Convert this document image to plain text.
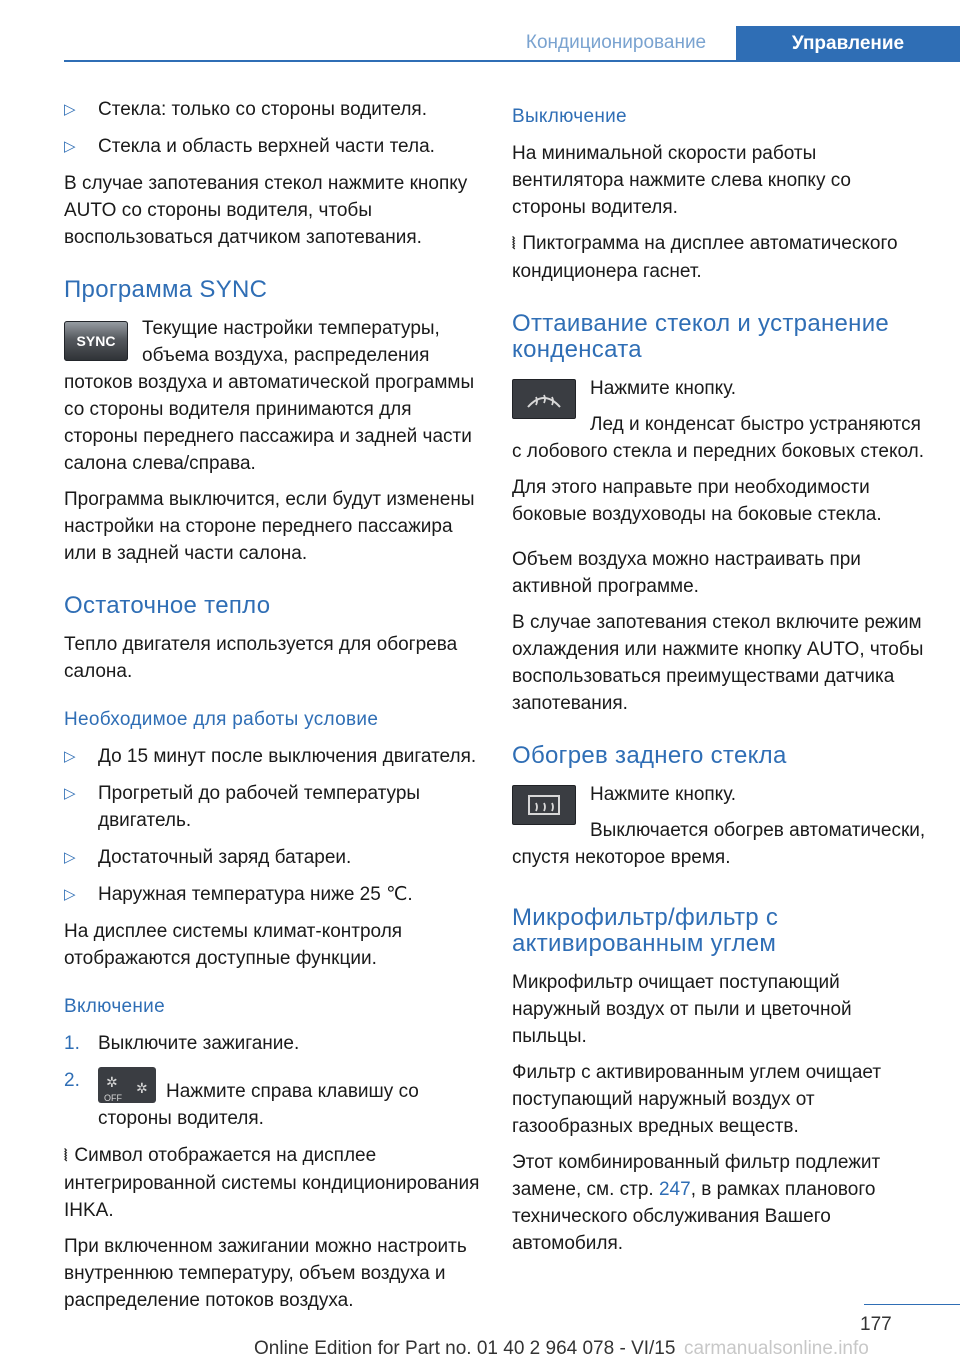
Кондиционирование	Управление
▷	Стекла: только со стороны водителя.
▷	Стекла и область верхней части тела.

В случае запотевания стекол нажмите кнопку AUTO со стороны водителя, чтобы воспользоваться датчиком запотевания.

Программа SYNC
SYNC

Текущие настройки температуры, объема воздуха, распределения потоков воздуха и автоматической программы со стороны водителя принимаются для стороны переднего пассажира и задней части салона слева/справа.

Программа выключится, если будут изменены настройки на стороне переднего пассажира или в задней части салона.

Остаточное тепло

Тепло двигателя используется для обогрева салона.

Необходимое для работы условие
▷	До 15 минут после выключения двигателя.
▷	Прогретый до рабочей температуры двигатель.
▷	Достаточный заряд батареи.
▷	Наружная температура ниже 25 ℃.

На дисплее системы климат-контроля отображаются доступные функции.

Включение
1. Выключите зажигание.
2.	✲
OFF
✲ Нажмите справа клавишу со стороны водителя.

⦚ Символ отображается на дисплее интегрированной системы кондиционирования IHKA.

При включенном зажигании можно настроить внутреннюю температуру, объем воздуха и распределение потоков воздуха.

Выключение

На минимальной скорости работы вентилятора нажмите слева кнопку со стороны водителя.

⦚ Пиктограмма на дисплее автоматического кондиционера гаснет.

Оттаивание стекол и устранение конденсата

Нажмите кнопку.

Лед и конденсат быстро устраняются с лобового стекла и передних боковых стекол.

Для этого направьте при необходимости боковые воздуховоды на боковые стекла.

Объем воздуха можно настраивать при активной программе.

В случае запотевания стекол включите режим охлаждения или нажмите кнопку AUTO, чтобы воспользоваться преимуществами датчика запотевания.

Обогрев заднего стекла

Нажмите кнопку.

Выключается обогрев автоматически, спустя некоторое время.

Микрофильтр/фильтр с активированным углем

Микрофильтр очищает поступающий наружный воздух от пыли и цветочной пыльцы.

Фильтр с активированным углем очищает поступающий наружный воздух от газообразных вредных веществ.

Этот комбинированный фильтр подлежит замене, см. стр. 247, в рамках планового технического обслуживания Вашего автомобиля.

177
Online Edition for Part no. 01 40 2 964 078 - VI/15 carmanualsonline.info
